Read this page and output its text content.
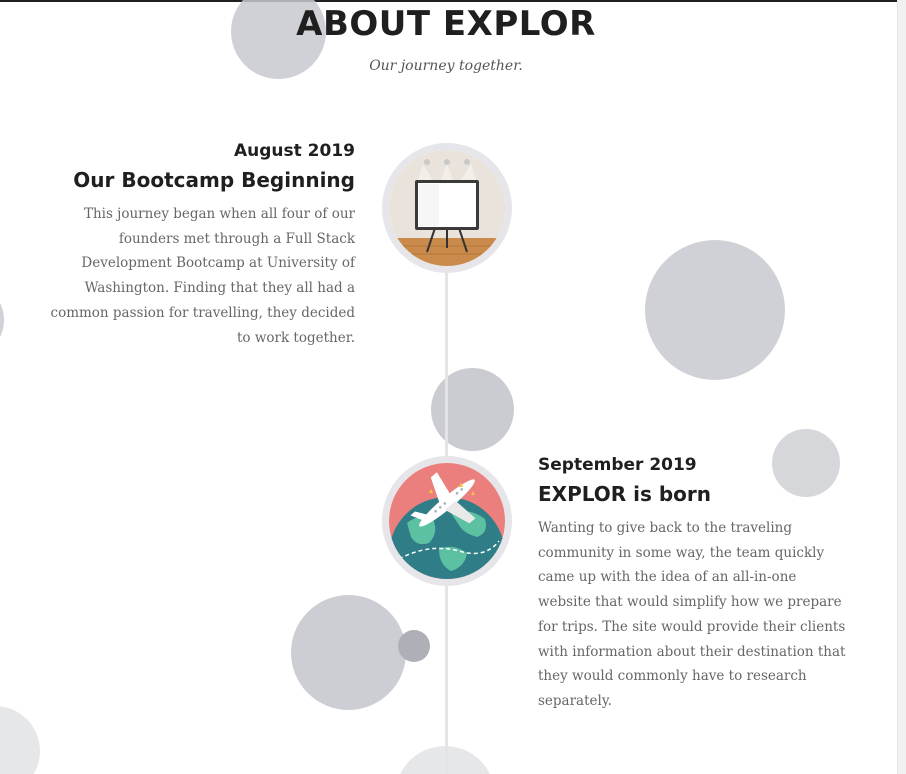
ABOUT EXPLOR

Our journey together.

August 2019

Our Bootcamp Beginning

This journey began when all four of our founders met through a Full Stack Development Bootcamp at University of Washington. Finding that they all had a common passion for travelling, they decided to work together.

September 2019

EXPLOR is born

Wanting to give back to the traveling community in some way, the team quickly came up with the idea of an all-in-one website that would simplify how we prepare for trips. The site would provide their clients with information about their destination that they would commonly have to research separately.
